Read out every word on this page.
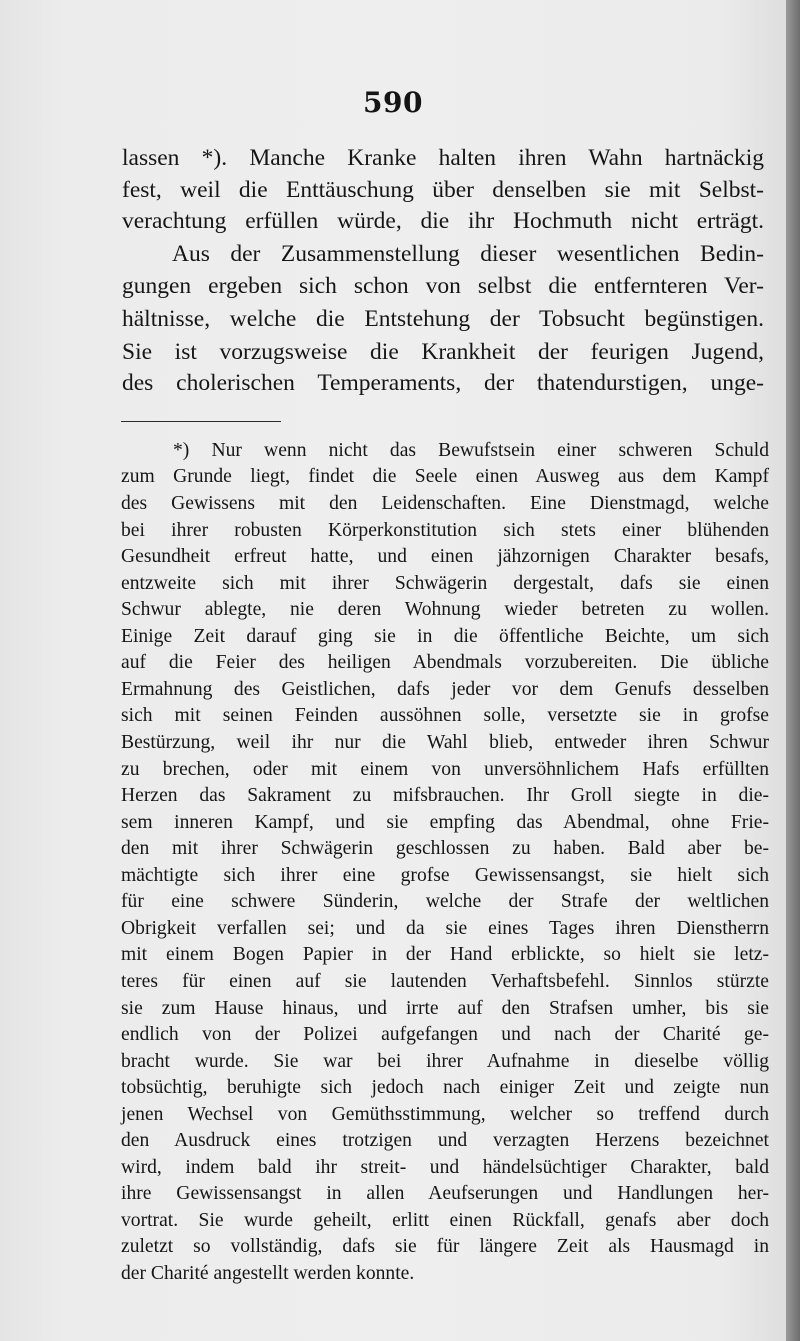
590

lassen *). Manche Kranke halten ihren Wahn hartnäckig

fest, weil die Enttäuschung über denselben sie mit Selbst-

verachtung erfüllen würde, die ihr Hochmuth nicht erträgt.

Aus der Zusammenstellung dieser wesentlichen Bedin-

gungen ergeben sich schon von selbst die entfernteren Ver-

hältnisse, welche die Entstehung der Tobsucht begünstigen.

Sie ist vorzugsweise die Krankheit der feurigen Jugend,

des cholerischen Temperaments, der thatendurstigen, unge-

*) Nur wenn nicht das Bewufstsein einer schweren Schuld

zum Grunde liegt, findet die Seele einen Ausweg aus dem Kampf

des Gewissens mit den Leidenschaften. Eine Dienstmagd, welche

bei ihrer robusten Körperkonstitution sich stets einer blühenden

Gesundheit erfreut hatte, und einen jähzornigen Charakter besafs,

entzweite sich mit ihrer Schwägerin dergestalt, dafs sie einen

Schwur ablegte, nie deren Wohnung wieder betreten zu wollen.

Einige Zeit darauf ging sie in die öffentliche Beichte, um sich

auf die Feier des heiligen Abendmals vorzubereiten. Die übliche

Ermahnung des Geistlichen, dafs jeder vor dem Genufs desselben

sich mit seinen Feinden aussöhnen solle, versetzte sie in grofse

Bestürzung, weil ihr nur die Wahl blieb, entweder ihren Schwur

zu brechen, oder mit einem von unversöhnlichem Hafs erfüllten

Herzen das Sakrament zu mifsbrauchen. Ihr Groll siegte in die-

sem inneren Kampf, und sie empfing das Abendmal, ohne Frie-

den mit ihrer Schwägerin geschlossen zu haben. Bald aber be-

mächtigte sich ihrer eine grofse Gewissensangst, sie hielt sich

für eine schwere Sünderin, welche der Strafe der weltlichen

Obrigkeit verfallen sei; und da sie eines Tages ihren Dienstherrn

mit einem Bogen Papier in der Hand erblickte, so hielt sie letz-

teres für einen auf sie lautenden Verhaftsbefehl. Sinnlos stürzte

sie zum Hause hinaus, und irrte auf den Strafsen umher, bis sie

endlich von der Polizei aufgefangen und nach der Charité ge-

bracht wurde. Sie war bei ihrer Aufnahme in dieselbe völlig

tobsüchtig, beruhigte sich jedoch nach einiger Zeit und zeigte nun

jenen Wechsel von Gemüthsstimmung, welcher so treffend durch

den Ausdruck eines trotzigen und verzagten Herzens bezeichnet

wird, indem bald ihr streit- und händelsüchtiger Charakter, bald

ihre Gewissensangst in allen Aeufserungen und Handlungen her-

vortrat. Sie wurde geheilt, erlitt einen Rückfall, genafs aber doch

zuletzt so vollständig, dafs sie für längere Zeit als Hausmagd in

der Charité angestellt werden konnte.
